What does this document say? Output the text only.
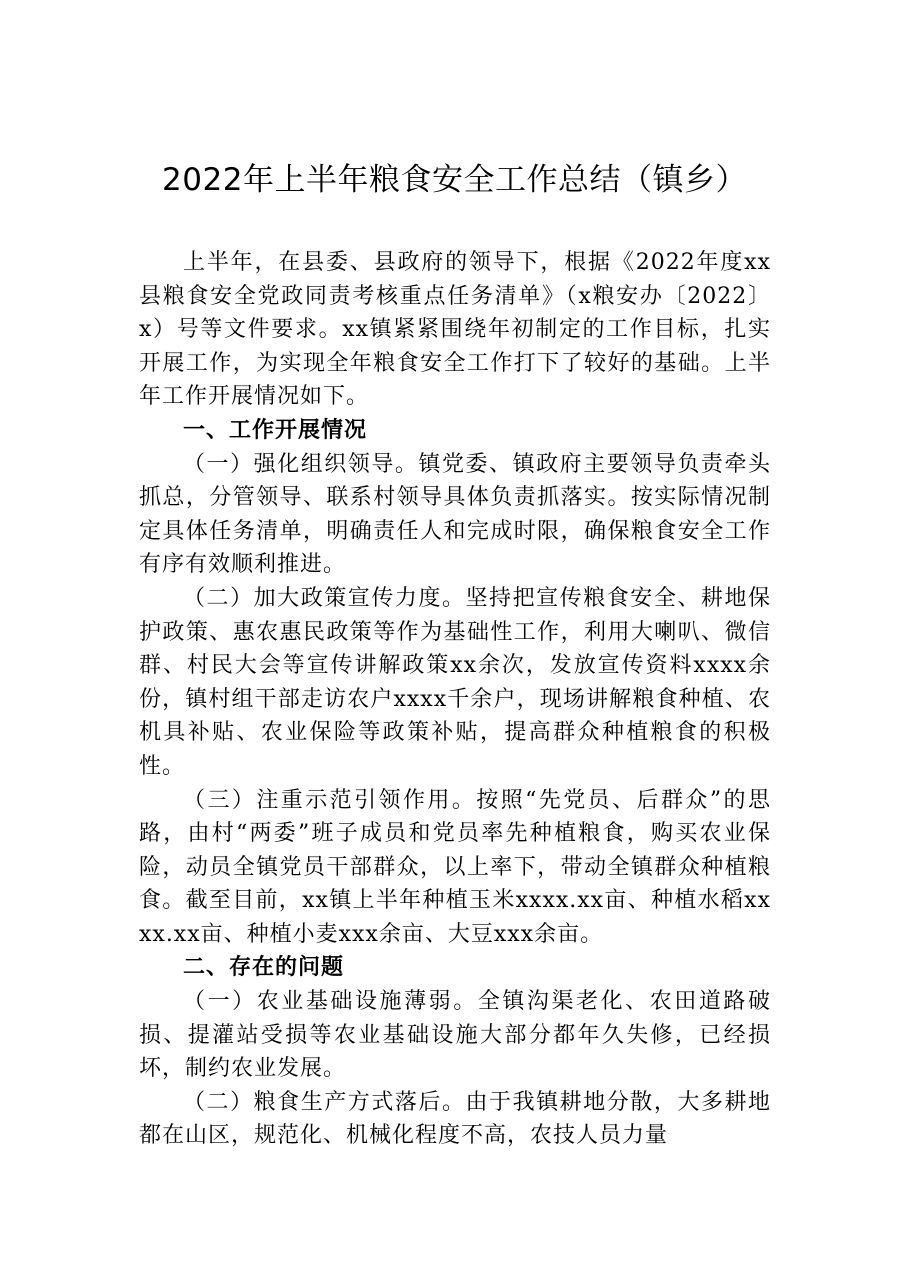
2022年上半年粮食安全工作总结（镇乡）

上半年，在县委、县政府的领导下，根据《2022年度xx县粮食安全党政同责考核重点任务清单》（x粮安办〔2022〕x）号等文件要求。xx镇紧紧围绕年初制定的工作目标，扎实开展工作，为实现全年粮食安全工作打下了较好的基础。上半年工作开展情况如下。

一、工作开展情况

（一）强化组织领导。镇党委、镇政府主要领导负责牵头抓总，分管领导、联系村领导具体负责抓落实。按实际情况制定具体任务清单，明确责任人和完成时限，确保粮食安全工作有序有效顺利推进。

（二）加大政策宣传力度。坚持把宣传粮食安全、耕地保护政策、惠农惠民政策等作为基础性工作，利用大喇叭、微信群、村民大会等宣传讲解政策xx余次，发放宣传资料xxxx余份，镇村组干部走访农户xxxx千余户，现场讲解粮食种植、农机具补贴、农业保险等政策补贴，提高群众种植粮食的积极性。

（三）注重示范引领作用。按照“先党员、后群众”的思路，由村“两委”班子成员和党员率先种植粮食，购买农业保险，动员全镇党员干部群众，以上率下，带动全镇群众种植粮食。截至目前，xx镇上半年种植玉米xxxx.xx亩、种植水稻xxxx.xx亩、种植小麦xxx余亩、大豆xxx余亩。

二、存在的问题

（一）农业基础设施薄弱。全镇沟渠老化、农田道路破损、提灌站受损等农业基础设施大部分都年久失修，已经损坏，制约农业发展。

（二）粮食生产方式落后。由于我镇耕地分散，大多耕地都在山区，规范化、机械化程度不高，农技人员力量
